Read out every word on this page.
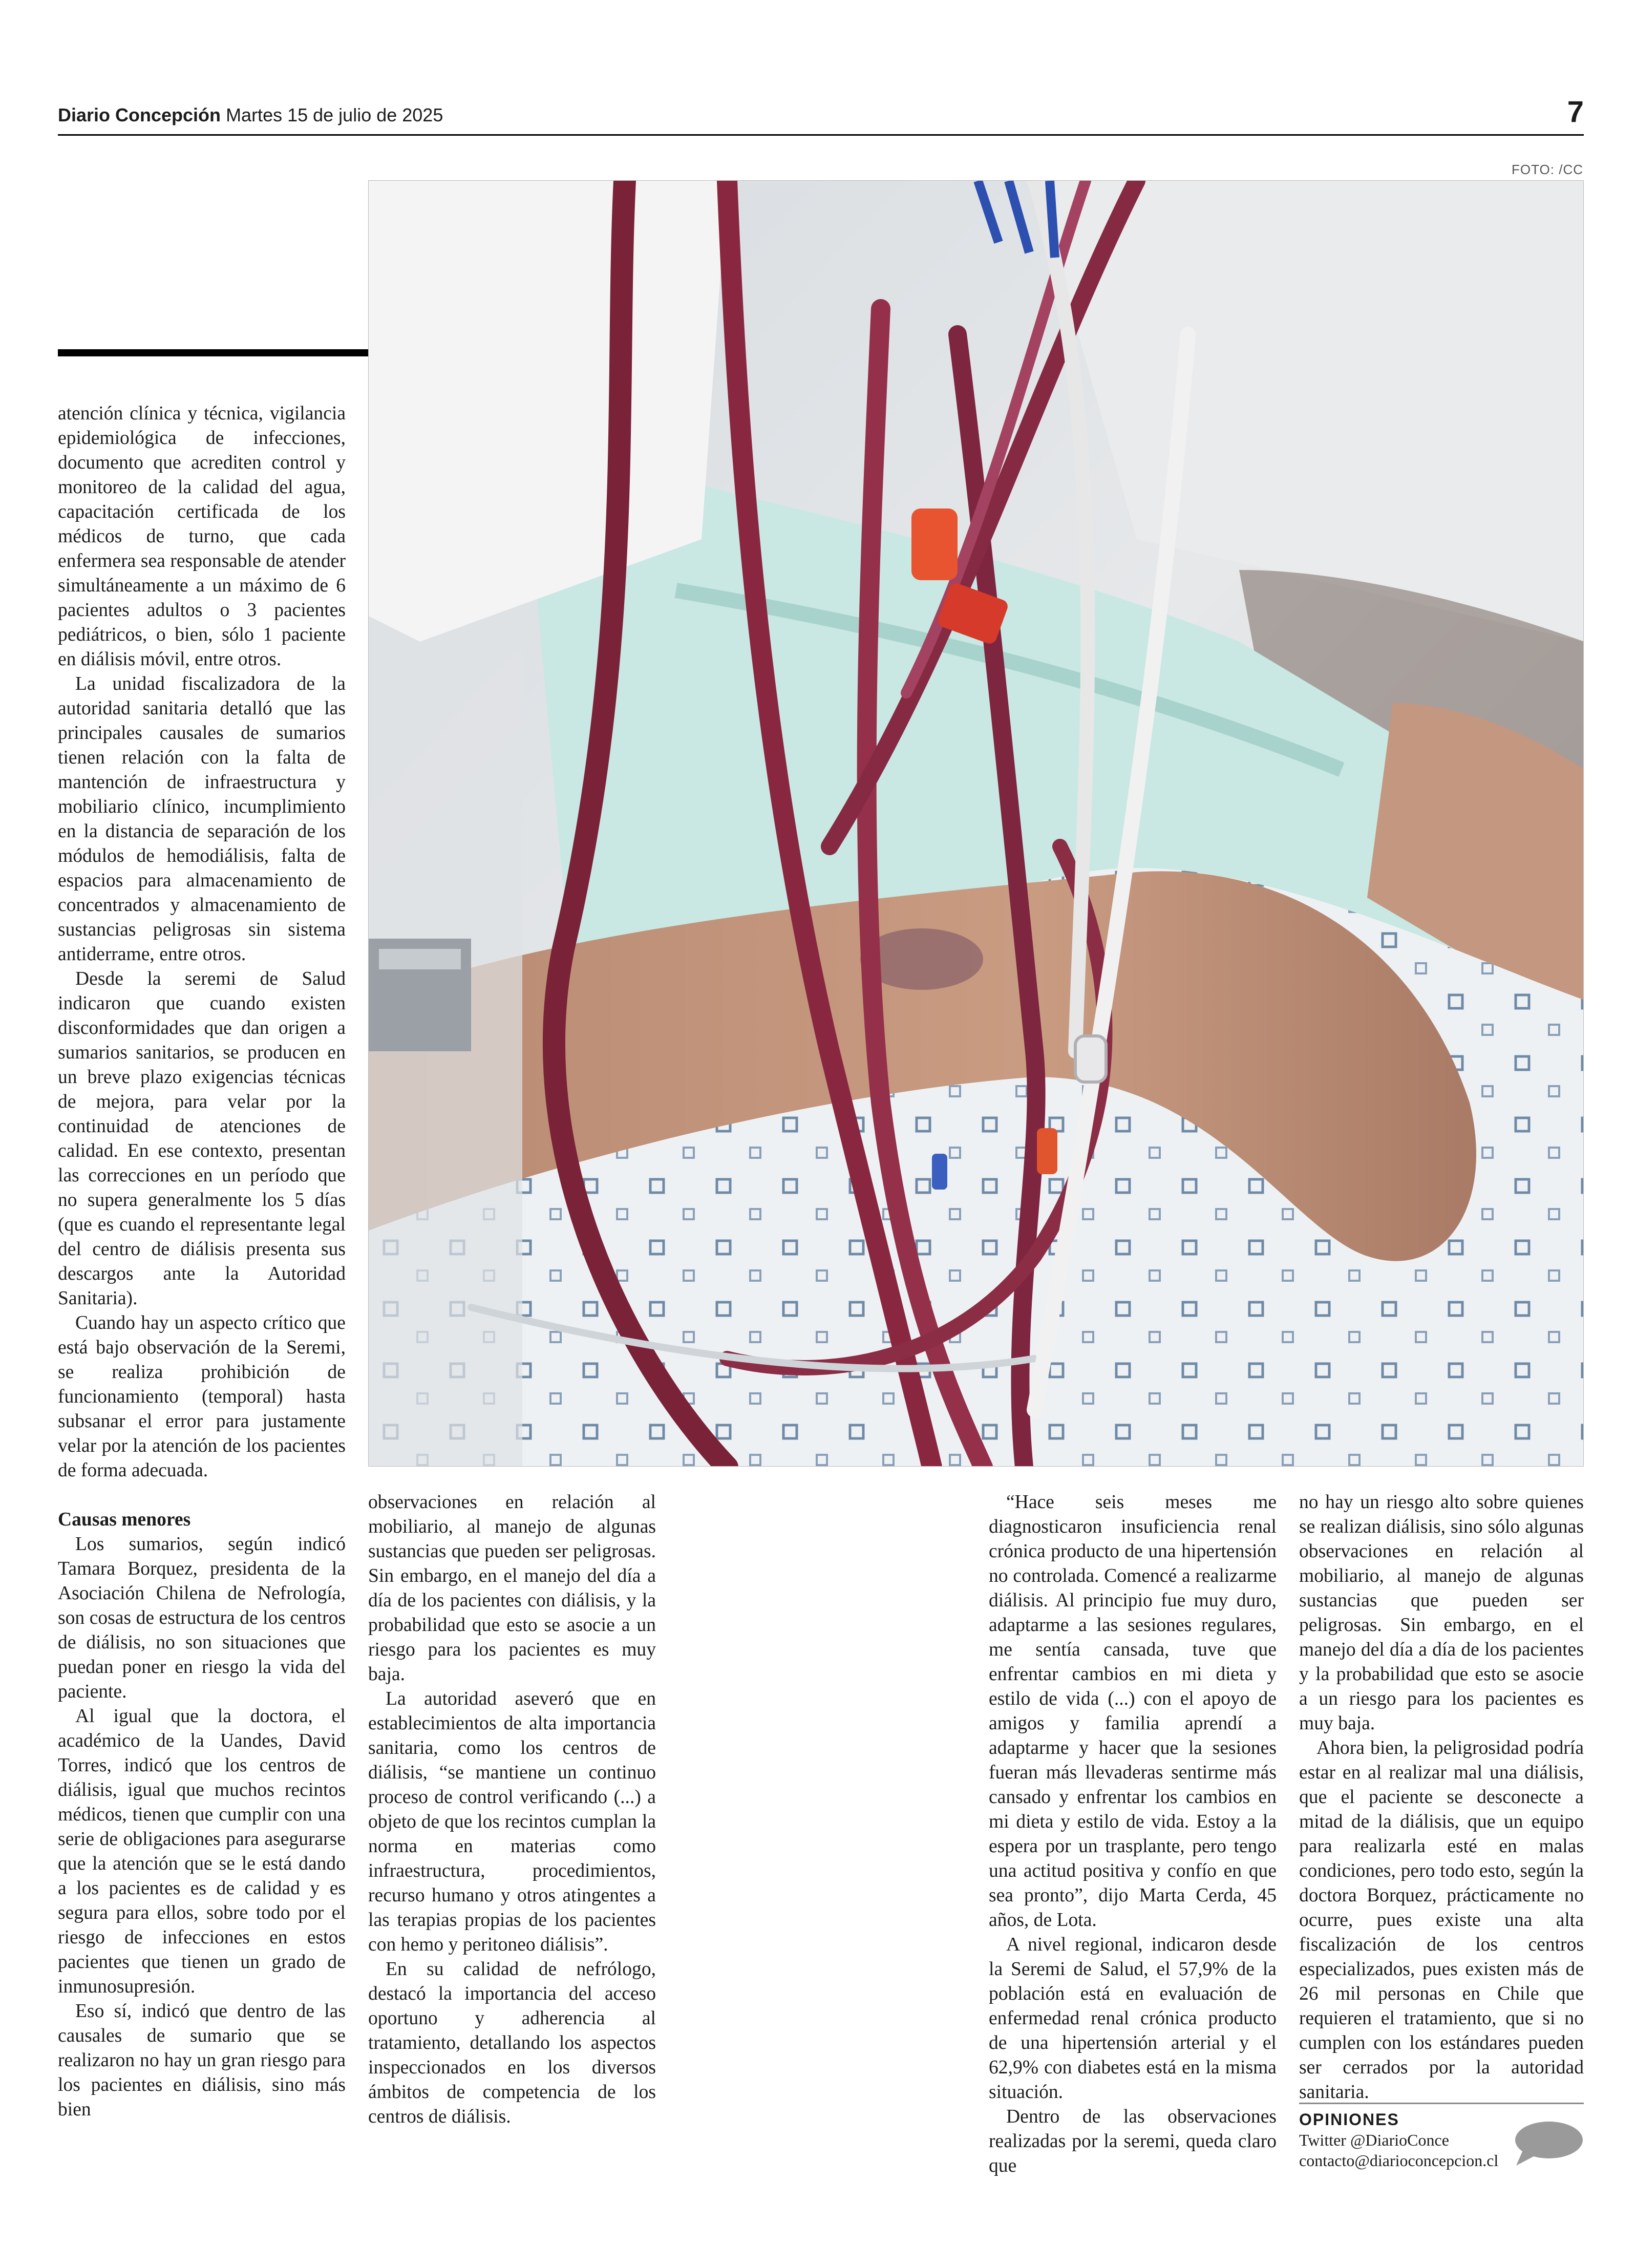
Diario Concepción Martes 15 de julio de 2025	7
FOTO: /CC

atención clínica y técnica, vigilancia epidemiológica de infecciones, documento que acrediten control y monitoreo de la calidad del agua, capacitación certificada de los médicos de turno, que cada enfermera sea responsable de atender simultáneamente a un máximo de 6 pacientes adultos o 3 pacientes pediátricos, o bien, sólo 1 paciente en diálisis móvil, entre otros.

La unidad fiscalizadora de la autoridad sanitaria detalló que las principales causales de sumarios tienen relación con la falta de mantención de infraestructura y mobiliario clínico, incumplimiento en la distancia de separación de los módulos de hemodiálisis, falta de espacios para almacenamiento de concentrados y almacenamiento de sustancias peligrosas sin sistema antiderrame, entre otros.

Desde la seremi de Salud indicaron que cuando existen disconformidades que dan origen a sumarios sanitarios, se producen en un breve plazo exigencias técnicas de mejora, para velar por la continuidad de atenciones de calidad. En ese contexto, presentan las correcciones en un período que no supera generalmente los 5 días (que es cuando el representante legal del centro de diálisis presenta sus descargos ante la Autoridad Sanitaria).

Cuando hay un aspecto crítico que está bajo observación de la Seremi, se realiza prohibición de funcionamiento (temporal) hasta subsanar el error para justamente velar por la atención de los pacientes de forma adecuada.

Causas menores

Los sumarios, según indicó Tamara Borquez, presidenta de la Asociación Chilena de Nefrología, son cosas de estructura de los centros de diálisis, no son situaciones que puedan poner en riesgo la vida del paciente.

Al igual que la doctora, el académico de la Uandes, David Torres, indicó que los centros de diálisis, igual que muchos recintos médicos, tienen que cumplir con una serie de obligaciones para asegurarse que la atención que se le está dando a los pacientes es de calidad y es segura para ellos, sobre todo por el riesgo de infecciones en estos pacientes que tienen un grado de inmunosupresión.

Eso sí, indicó que dentro de las causales de sumario que se realizaron no hay un gran riesgo para los pacientes en diálisis, sino más bien

observaciones en relación al mobiliario, al manejo de algunas sustancias que pueden ser peligrosas. Sin embargo, en el manejo del día a día de los pacientes con diálisis, y la probabilidad que esto se asocie a un riesgo para los pacientes es muy baja.

La autoridad aseveró que en establecimientos de alta importancia sanitaria, como los centros de diálisis, “se mantiene un continuo proceso de control verificando (...) a objeto de que los recintos cumplan la norma en materias como infraestructura, procedimientos, recurso humano y otros atingentes a las terapias propias de los pacientes con hemo y peritoneo diálisis”.

En su calidad de nefrólogo, destacó la importancia del acceso oportuno y adherencia al tratamiento, detallando los aspectos inspeccionados en los diversos ámbitos de competencia de los centros de diálisis.

“Hace seis meses me diagnosticaron insuficiencia renal crónica producto de una hipertensión no controlada. Comencé a realizarme diálisis. Al principio fue muy duro, adaptarme a las sesiones regulares, me sentía cansada, tuve que enfrentar cambios en mi dieta y estilo de vida (...) con el apoyo de amigos y familia aprendí a adaptarme y hacer que la sesiones fueran más llevaderas sentirme más cansado y enfrentar los cambios en mi dieta y estilo de vida. Estoy a la espera por un trasplante, pero tengo una actitud positiva y confío en que sea pronto”, dijo Marta Cerda, 45 años, de Lota.

A nivel regional, indicaron desde la Seremi de Salud, el 57,9% de la población está en evaluación de enfermedad renal crónica producto de una hipertensión arterial y el 62,9% con diabetes está en la misma situación.

Dentro de las observaciones realizadas por la seremi, queda claro que

no hay un riesgo alto sobre quienes se realizan diálisis, sino sólo algunas observaciones en relación al mobiliario, al manejo de algunas sustancias que pueden ser peligrosas. Sin embargo, en el manejo del día a día de los pacientes y la probabilidad que esto se asocie a un riesgo para los pacientes es muy baja.

Ahora bien, la peligrosidad podría estar en al realizar mal una diálisis, que el paciente se desconecte a mitad de la diálisis, que un equipo para realizarla esté en malas condiciones, pero todo esto, según la doctora Borquez, prácticamente no ocurre, pues existe una alta fiscalización de los centros especializados, pues existen más de 26 mil personas en Chile que requieren el tratamiento, que si no cumplen con los estándares pueden ser cerrados por la autoridad sanitaria.

OPINIONES
Twitter @DiarioConce
contacto@diarioconcepcion.cl
